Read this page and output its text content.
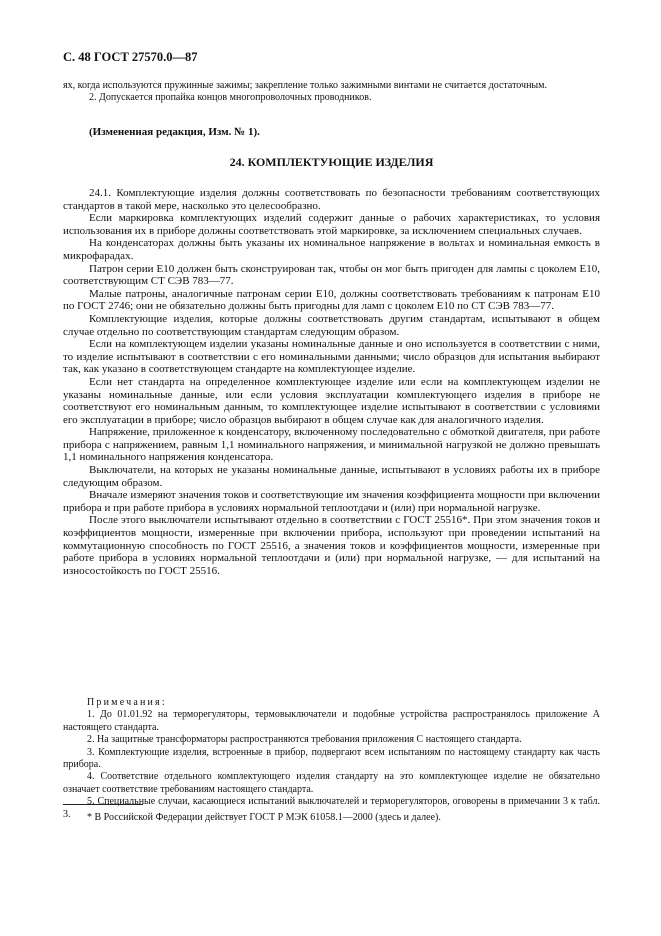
С. 48 ГОСТ 27570.0—87

ях, когда используются пружинные зажимы; закрепление только зажимными винтами не считается достаточным.

2. Допускается пропайка концов многопроволочных проводников.

(Измененная редакция, Изм. № 1).
24. КОМПЛЕКТУЮЩИЕ ИЗДЕЛИЯ

24.1. Комплектующие изделия должны соответствовать по безопасности требованиям соответствующих стандартов в такой мере, насколько это целесообразно.

Если маркировка комплектующих изделий содержит данные о рабочих характеристиках, то условия использования их в приборе должны соответствовать этой маркировке, за исключением специальных случаев.

На конденсаторах должны быть указаны их номинальное напряжение в вольтах и номинальная емкость в микрофарадах.

Патрон серии Е10 должен быть сконструирован так, чтобы он мог быть пригоден для лампы с цоколем Е10, соответствующим СТ СЭВ 783—77.

Малые патроны, аналогичные патронам серии Е10, должны соответствовать требованиям к патронам Е10 по ГОСТ 2746; они не обязательно должны быть пригодны для ламп с цоколем Е10 по СТ СЭВ 783—77.

Комплектующие изделия, которые должны соответствовать другим стандартам, испытывают в общем случае отдельно по соответствующим стандартам следующим образом.

Если на комплектующем изделии указаны номинальные данные и оно используется в соответствии с ними, то изделие испытывают в соответствии с его номинальными данными; число образцов для испытания выбирают так, как указано в соответствующем стандарте на комплектующее изделие.

Если нет стандарта на определенное комплектующее изделие или если на комплектующем изделии не указаны номинальные данные, или если условия эксплуатации комплектующего изделия в приборе не соответствуют его номинальным данным, то комплектующее изделие испытывают в соответствии с условиями его эксплуатации в приборе; число образцов выбирают в общем случае как для аналогичного изделия.

Напряжение, приложенное к конденсатору, включенному последовательно с обмоткой двигателя, при работе прибора с напряжением, равным 1,1 номинального напряжения, и минимальной нагрузкой не должно превышать 1,1 номинального напряжения конденсатора.

Выключатели, на которых не указаны номинальные данные, испытывают в условиях работы их в приборе следующим образом.

Вначале измеряют значения токов и соответствующие им значения коэффициента мощности при включении прибора и при работе прибора в условиях нормальной теплоотдачи и (или) при нормальной нагрузке.

После этого выключатели испытывают отдельно в соответствии с ГОСТ 25516*. При этом значения токов и коэффициентов мощности, измеренные при включении прибора, используют при проведении испытаний на коммутационную способность по ГОСТ 25516, а значения токов и коэффициентов мощности, измеренные при работе прибора в условиях нормальной теплоотдачи и (или) при нормальной нагрузке, — для испытаний на износостойкость по ГОСТ 25516.

Примечания:

1. До 01.01.92 на терморегуляторы, термовыключатели и подобные устройства распространялось приложение А настоящего стандарта.

2. На защитные трансформаторы распространяются требования приложения С настоящего стандарта.

3. Комплектующие изделия, встроенные в прибор, подвергают всем испытаниям по настоящему стандарту как часть прибора.

4. Соответствие отдельного комплектующего изделия стандарту на это комплектующее изделие не обязательно означает соответствие требованиям настоящего стандарта.

5. Специальные случаи, касающиеся испытаний выключателей и терморегуляторов, оговорены в примечании 3 к табл. 3.	* В Российской Федерации действует ГОСТ Р МЭК 61058.1—2000 (здесь и далее).
